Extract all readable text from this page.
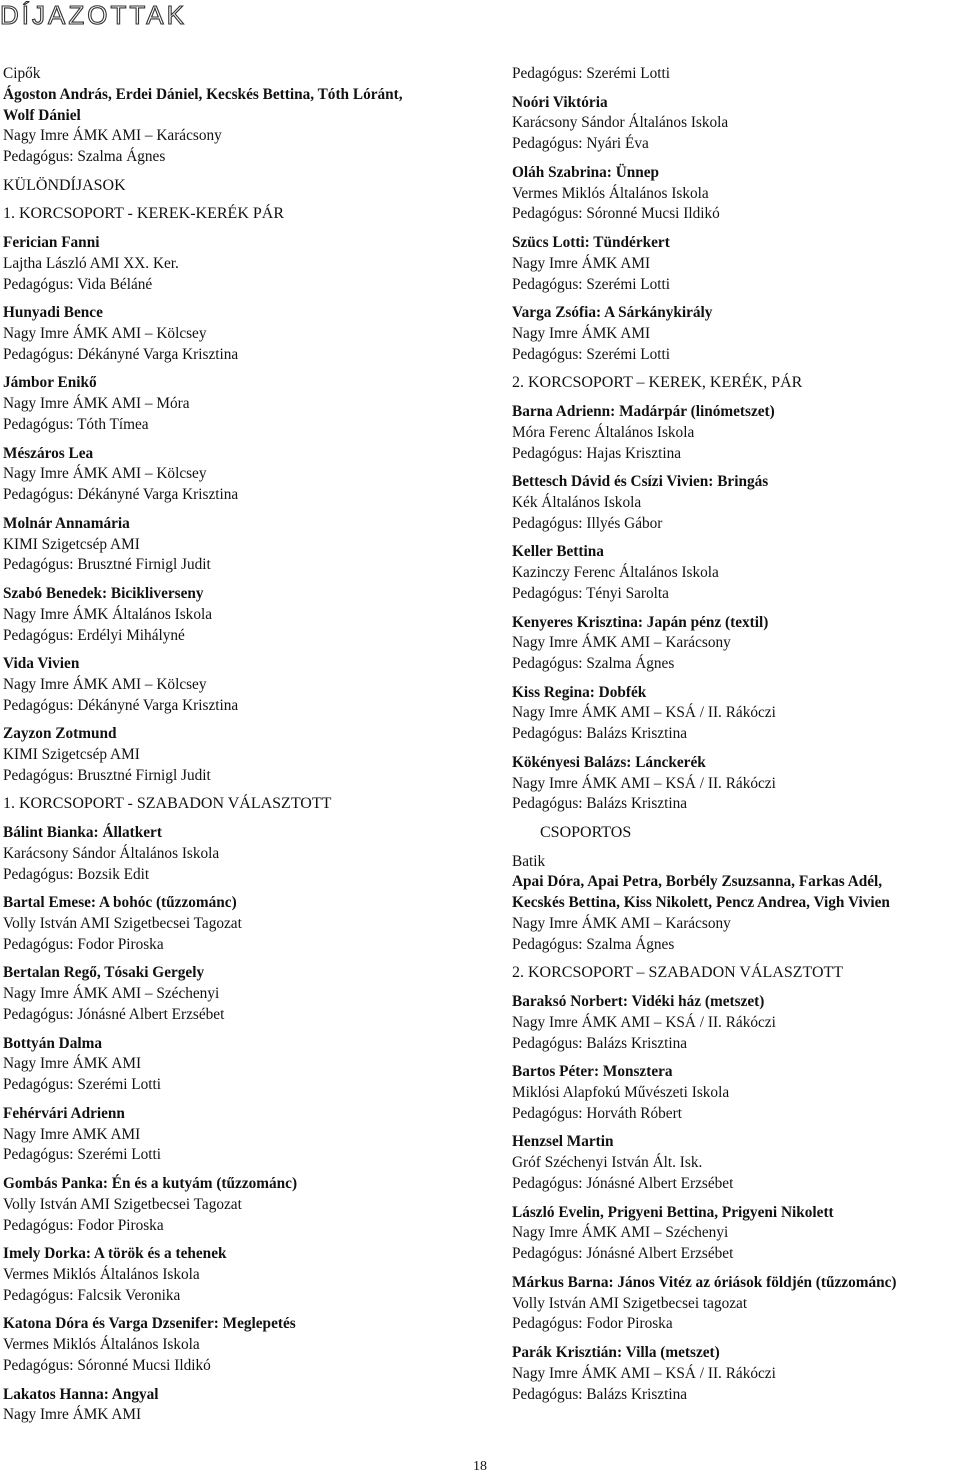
DÍJAZOTTAK
Cipők
Ágoston András, Erdei Dániel, Kecskés Bettina, Tóth Lóránt,
Wolf Dániel
Nagy Imre ÁMK AMI – Karácsony
Pedagógus: Szalma Ágnes
KÜLÖNDÍJASOK
1. KORCSOPORT - KEREK-KERÉK PÁR
Ferician Fanni
Lajtha László AMI XX. Ker.
Pedagógus: Vida Béláné
Hunyadi Bence
Nagy Imre ÁMK AMI – Kölcsey
Pedagógus: Dékányné Varga Krisztina
Jámbor Enikő
Nagy Imre ÁMK AMI – Móra
Pedagógus: Tóth Tímea
Mészáros Lea
Nagy Imre ÁMK AMI – Kölcsey
Pedagógus: Dékányné Varga Krisztina
Molnár Annamária
KIMI Szigetcsép AMI
Pedagógus: Brusztné Firnigl Judit
Szabó Benedek: Bicikliverseny
Nagy Imre ÁMK Általános Iskola
Pedagógus: Erdélyi Mihályné
Vida Vivien
Nagy Imre ÁMK AMI – Kölcsey
Pedagógus: Dékányné Varga Krisztina
Zayzon Zotmund
KIMI Szigetcsép AMI
Pedagógus: Brusztné Firnigl Judit
1. KORCSOPORT - SZABADON VÁLASZTOTT
Bálint Bianka: Állatkert
Karácsony Sándor Általános Iskola
Pedagógus: Bozsik Edit
Bartal Emese: A bohóc (tűzzománc)
Volly István AMI Szigetbecsei Tagozat
Pedagógus: Fodor Piroska
Bertalan Regő, Tósaki Gergely
Nagy Imre ÁMK AMI – Széchenyi
Pedagógus: Jónásné Albert Erzsébet
Bottyán Dalma
Nagy Imre ÁMK AMI
Pedagógus: Szerémi Lotti
Fehérvári Adrienn
Nagy Imre AMK AMI
Pedagógus: Szerémi Lotti
Gombás Panka: Én és a kutyám (tűzzománc)
Volly István AMI Szigetbecsei Tagozat
Pedagógus: Fodor Piroska
Imely Dorka: A török és a tehenek
Vermes Miklós Általános Iskola
Pedagógus: Falcsik Veronika
Katona Dóra és Varga Dzsenifer: Meglepetés
Vermes Miklós Általános Iskola
Pedagógus: Sóronné Mucsi Ildikó
Lakatos Hanna: Angyal
Nagy Imre ÁMK AMI
Pedagógus: Szerémi Lotti
Noóri Viktória
Karácsony Sándor Általános Iskola
Pedagógus: Nyári Éva
Oláh Szabrina: Ünnep
Vermes Miklós Általános Iskola
Pedagógus: Sóronné Mucsi Ildikó
Szücs Lotti: Tündérkert
Nagy Imre ÁMK AMI
Pedagógus: Szerémi Lotti
Varga Zsófia: A Sárkánykirály
Nagy Imre ÁMK AMI
Pedagógus: Szerémi Lotti
2. KORCSOPORT – KEREK, KERÉK, PÁR
Barna Adrienn: Madárpár (linómetszet)
Móra Ferenc Általános Iskola
Pedagógus: Hajas Krisztina
Bettesch Dávid és Csízi Vivien: Bringás
Kék Általános Iskola
Pedagógus: Illyés Gábor
Keller Bettina
Kazinczy Ferenc Általános Iskola
Pedagógus: Tényi Sarolta
Kenyeres Krisztina: Japán pénz (textil)
Nagy Imre ÁMK AMI – Karácsony
Pedagógus: Szalma Ágnes
Kiss Regina: Dobfék
Nagy Imre ÁMK AMI – KSÁ / II. Rákóczi
Pedagógus: Balázs Krisztina
Kökényesi Balázs: Lánckerék
Nagy Imre ÁMK AMI – KSÁ / II. Rákóczi
Pedagógus: Balázs Krisztina
CSOPORTOS
Batik
Apai Dóra, Apai Petra, Borbély Zsuzsanna, Farkas Adél,
Kecskés Bettina, Kiss Nikolett, Pencz Andrea, Vigh Vivien
Nagy Imre ÁMK AMI – Karácsony
Pedagógus: Szalma Ágnes
2. KORCSOPORT – SZABADON VÁLASZTOTT
Baraksó Norbert: Vidéki ház (metszet)
Nagy Imre ÁMK AMI – KSÁ / II. Rákóczi
Pedagógus: Balázs Krisztina
Bartos Péter: Monsztera
Miklósi Alapfokú Művészeti Iskola
Pedagógus: Horváth Róbert
Henzsel Martin
Gróf Széchenyi István Ált. Isk.
Pedagógus: Jónásné Albert Erzsébet
László Evelin, Prigyeni Bettina, Prigyeni Nikolett
Nagy Imre ÁMK AMI – Széchenyi
Pedagógus: Jónásné Albert Erzsébet
Márkus Barna: János Vitéz az óriások földjén (tűzzománc)
Volly István AMI Szigetbecsei tagozat
Pedagógus: Fodor Piroska
Parák Krisztián: Villa (metszet)
Nagy Imre ÁMK AMI – KSÁ / II. Rákóczi
Pedagógus: Balázs Krisztina
18
